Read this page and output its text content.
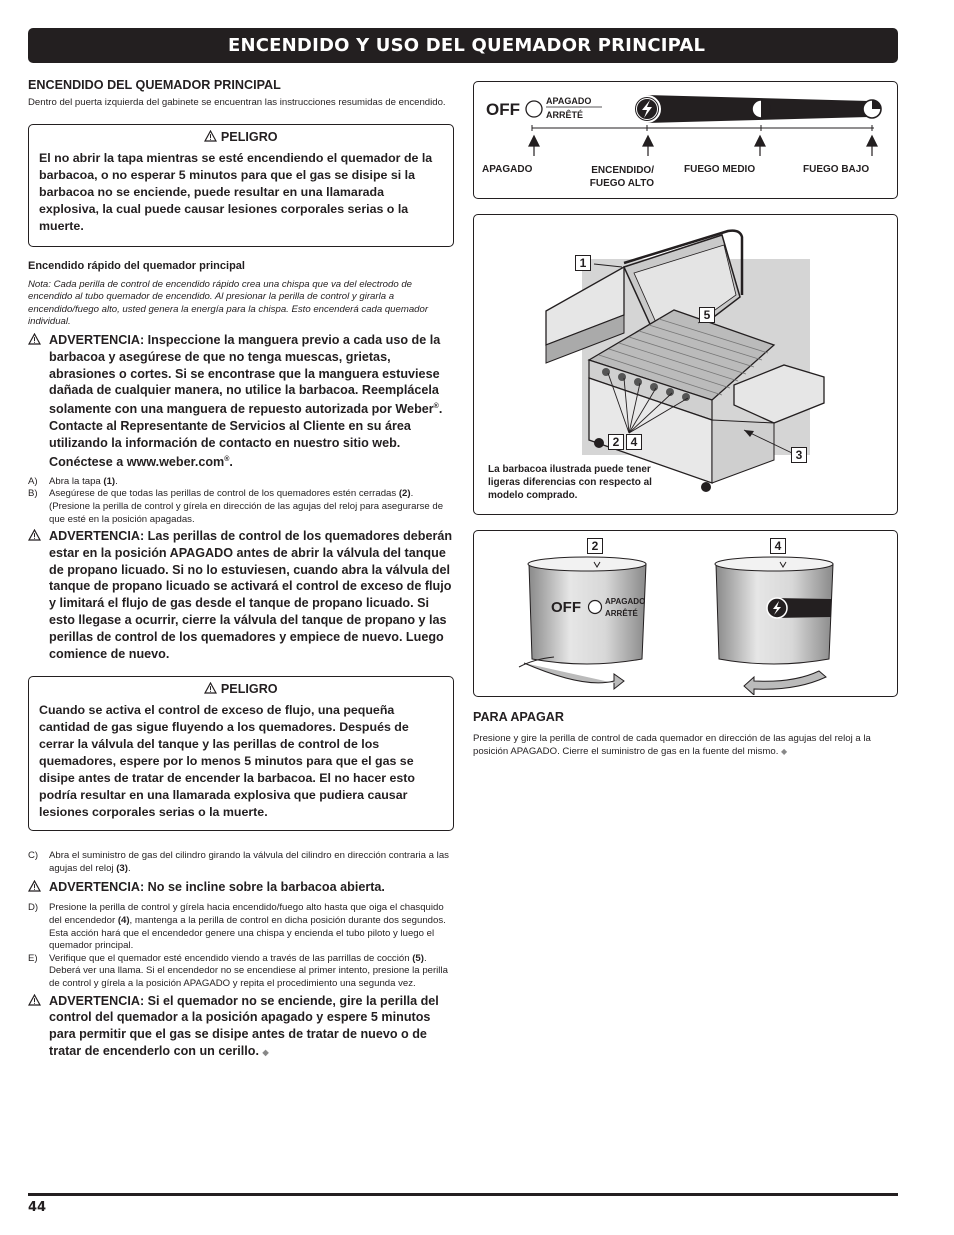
ENCENDIDO Y USO DEL QUEMADOR PRINCIPAL
ENCENDIDO DEL QUEMADOR PRINCIPAL
Dentro del puerta izquierda del gabinete se encuentran las instrucciones resumidas de encendido.
PELIGRO
El no abrir la tapa mientras se esté encendiendo el quemador de la barbacoa, o no esperar 5 minutos para que el gas se disipe si la barbacoa no se enciende, puede resultar en una llamarada explosiva, la cual puede causar lesiones corporales serias o la muerte.
Encendido rápido del quemador principal
Nota: Cada perilla de control de encendido rápido crea una chispa que va del electrodo de encendido al tubo quemador de encendido. Al presionar la perilla de control y girarla a encendido/fuego alto, usted genera la energía para la chispa. Esto encenderá cada quemador individual.
ADVERTENCIA: Inspeccione la manguera previo a cada uso de la barbacoa y asegúrese de que no tenga muescas, grietas, abrasiones o cortes. Si se encontrase que la manguera estuviese dañada de cualquier manera, no utilice la barbacoa. Reemplácela solamente con una manguera de repuesto autorizada por Weber®. Contacte al Representante de Servicios al Cliente en su área utilizando la información de contacto en nuestro sitio web. Conéctese a www.weber.com®.
A)	Abra la tapa (1).
B)	Asegúrese de que todas las perillas de control de los quemadores estén cerradas (2). (Presione la perilla de control y gírela en dirección de las agujas del reloj para asegurarse de que esté en la posición apagadas.
ADVERTENCIA: Las perillas de control de los quemadores deberán estar en la posición APAGADO antes de abrir la válvula del tanque de propano licuado. Si no lo estuviesen, cuando abra la válvula del tanque de propano licuado se activará el control de exceso de flujo y limitará el flujo de gas desde el tanque de propano licuado. Si esto llegase a ocurrir, cierre la válvula del tanque de propano y las perillas de control de los quemadores y empiece de nuevo. Luego comience de nuevo.
PELIGRO
Cuando se activa el control de exceso de flujo, una pequeña cantidad de gas sigue fluyendo a los quemadores. Después de cerrar la válvula del tanque y las perillas de control de los quemadores, espere por lo menos 5 minutos para que el gas se disipe antes de tratar de encender la barbacoa. El no hacer esto podría resultar en una llamarada explosiva que pudiera causar lesiones corporales serias o la muerte.
C)	Abra el suministro de gas del cilindro girando la válvula del cilindro en dirección contraria a las agujas del reloj (3).
ADVERTENCIA: No se incline sobre la barbacoa abierta.
D)	Presione la perilla de control y gírela hacia encendido/fuego alto hasta que oiga el chasquido del encendedor (4), mantenga a la perilla de control en dicha posición durante dos segundos. Esta acción hará que el encendedor genere una chispa y encienda el tubo piloto y luego el quemador principal.
E)	Verifique que el quemador esté encendido viendo a través de las parrillas de cocción (5). Deberá ver una llama. Si el encendedor no se encendiese al primer intento, presione la perilla de control y gírela a la posición APAGADO y repita el procedimiento una segunda vez.
ADVERTENCIA: Si el quemador no se enciende, gire la perilla del control del quemador a la posición apagado y espere 5 minutos para permitir que el gas se disipe antes de tratar de nuevo o de tratar de encenderlo con un cerillo. ◆
OFF	APAGADO
ARRÊTÉ
APAGADO	ENCENDIDO/
FUEGO ALTO
FUEGO MEDIO	FUEGO BAJO
1
5
2 4
3
La barbacoa ilustrada puede tener ligeras diferencias con respecto al modelo comprado.
OFF	APAGADO
ARRÊTÉ
2	4
PARA APAGAR
Presione y gire la perilla de control de cada quemador en dirección de las agujas del reloj a la posición APAGADO. Cierre el suministro de gas en la fuente del mismo. ◆
44
